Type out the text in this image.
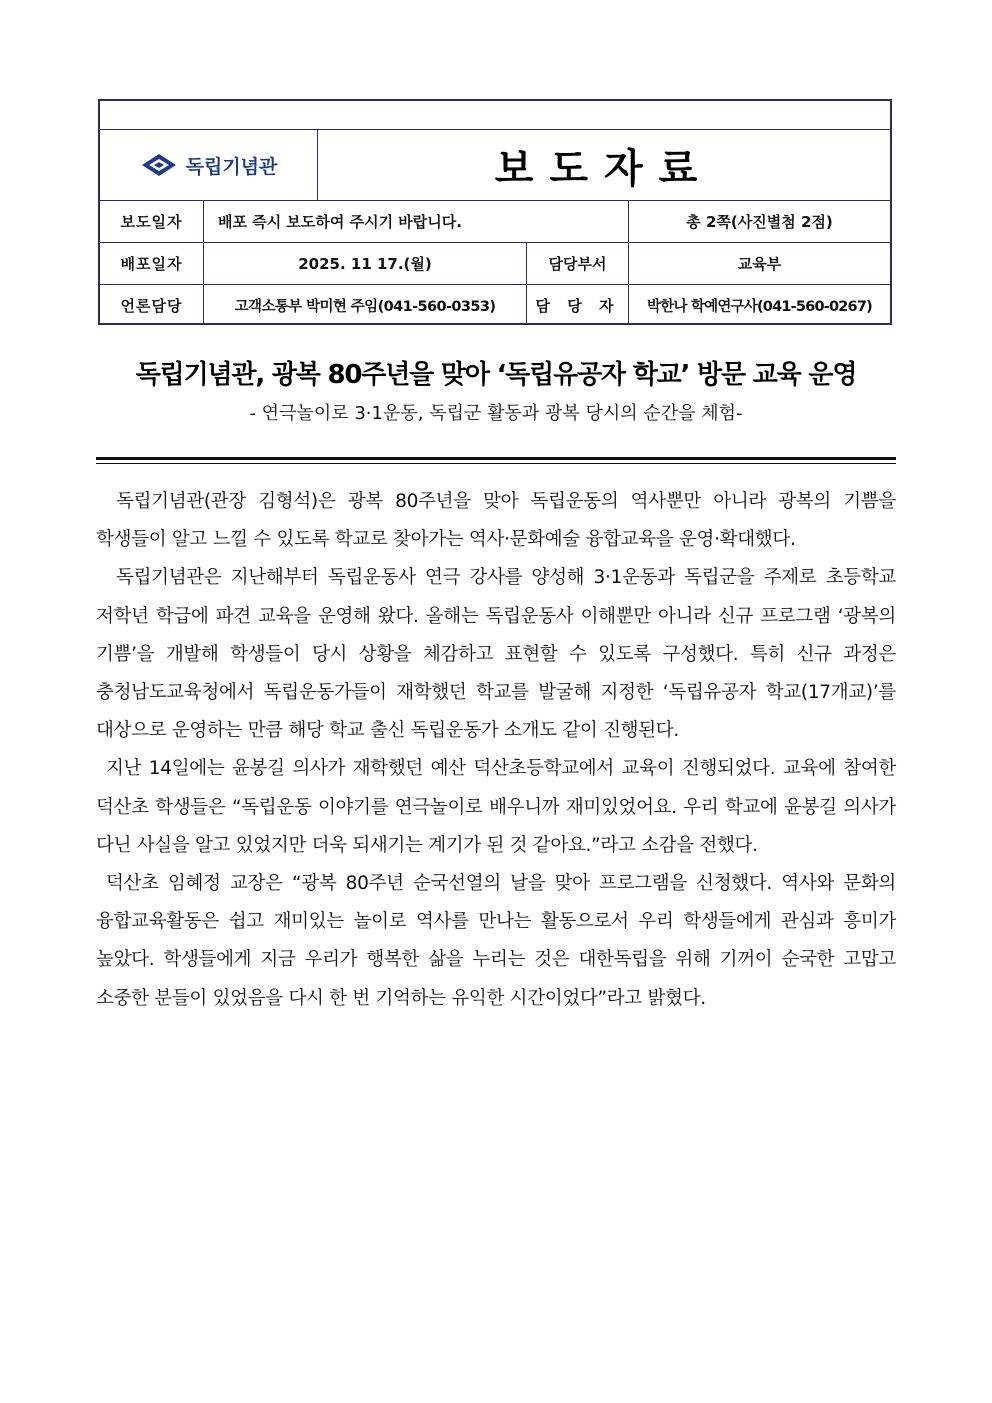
독립기념관	보도자료
보도일자	배포 즉시 보도하여 주시기 바랍니다.	총 2쪽(사진별첨 2점)
배포일자	2025. 11 17.(월)	담당부서	교육부
언론담당	고객소통부 박미현 주임(041-560-0353)	담 당 자	박한나 학예연구사(041-560-0267)
독립기념관, 광복 80주년을 맞아 ‘독립유공자 학교’ 방문 교육 운영
- 연극놀이로 3·1운동, 독립군 활동과 광복 당시의 순간을 체험-

독립기념관(관장 김형석)은 광복 80주년을 맞아 독립운동의 역사뿐만 아니라 광복의 기쁨을 학생들이 알고 느낄 수 있도록 학교로 찾아가는 역사·문화예술 융합교육을 운영·확대했다.

독립기념관은 지난해부터 독립운동사 연극 강사를 양성해 3·1운동과 독립군을 주제로 초등학교 저학년 학급에 파견 교육을 운영해 왔다. 올해는 독립운동사 이해뿐만 아니라 신규 프로그램 ‘광복의 기쁨’을 개발해 학생들이 당시 상황을 체감하고 표현할 수 있도록 구성했다. 특히 신규 과정은 충청남도교육청에서 독립운동가들이 재학했던 학교를 발굴해 지정한 ‘독립유공자 학교(17개교)’를 대상으로 운영하는 만큼 해당 학교 출신 독립운동가 소개도 같이 진행된다.

지난 14일에는 윤봉길 의사가 재학했던 예산 덕산초등학교에서 교육이 진행되었다. 교육에 참여한 덕산초 학생들은 “독립운동 이야기를 연극놀이로 배우니까 재미있었어요. 우리 학교에 윤봉길 의사가 다닌 사실을 알고 있었지만 더욱 되새기는 계기가 된 것 같아요.”라고 소감을 전했다.

덕산초 임혜정 교장은 “광복 80주년 순국선열의 날을 맞아 프로그램을 신청했다. 역사와 문화의 융합교육활동은 쉽고 재미있는 놀이로 역사를 만나는 활동으로서 우리 학생들에게 관심과 흥미가 높았다. 학생들에게 지금 우리가 행복한 삶을 누리는 것은 대한독립을 위해 기꺼이 순국한 고맙고 소중한 분들이 있었음을 다시 한 번 기억하는 유익한 시간이었다”라고 밝혔다.
